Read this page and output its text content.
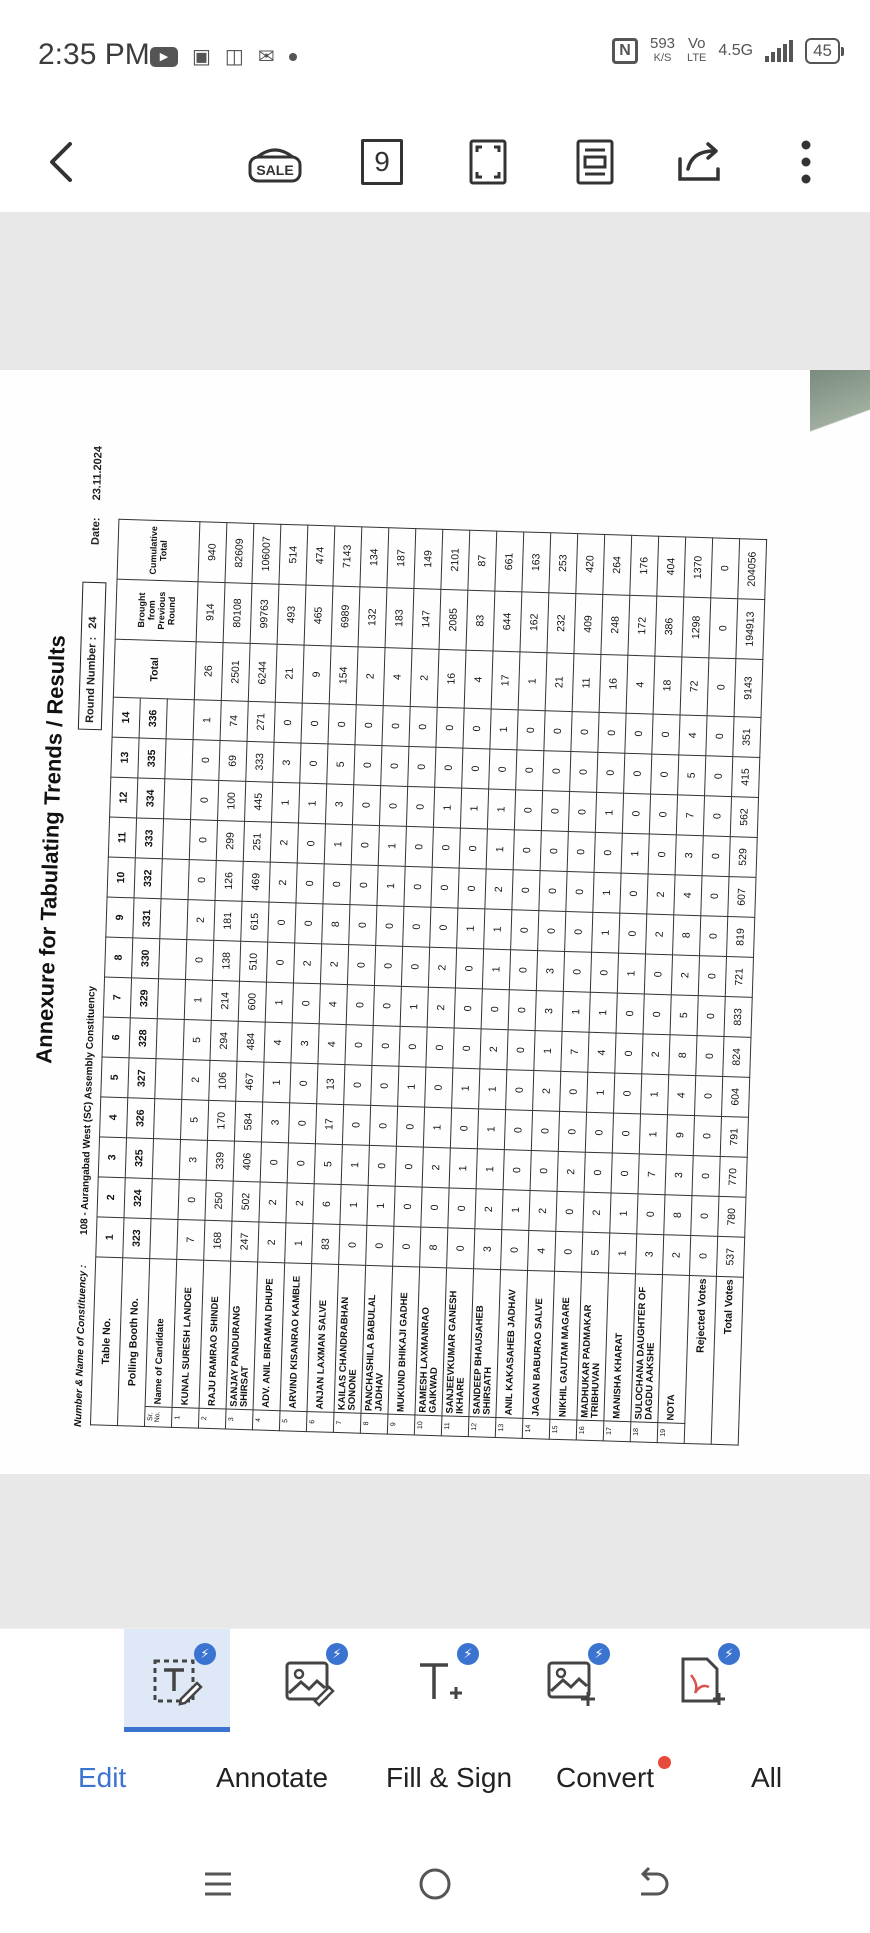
2:35 PM ▶	▣ ◫ ✉	N	593
K/S
Vo
LTE 4.5G	45
SALE	9
Annexure for Tabulating Trends / Results
Number & Name of Constituency :
108 - Aurangabad West (SC) Assembly Constituency
Round Number :
24
Date: 23.11.2024
Table No.		1	2	3	4	5	6	7	8	9	10	11	12	13	14	Total	Brought from Previous Round	Cumulative Total
Polling Booth No.		323	324	325	326	327	328	329	330	331	332	333	334	335	336			
Sr. No.	Name of Candidate																	
1	KUNAL SURESH LANDGE	7	0	3	5	2	5	1	0	2	0	0	0	0	1	26	914	940
2	RAJU RAMRAO SHINDE	168	250	339	170	106	294	214	138	181	126	299	100	69	74	2501	80108	82609
3	SANJAY PANDURANG SHIRSAT	247	502	406	584	467	484	600	510	615	469	251	445	333	271	6244	99763	106007
4	ADV. ANIL BIRAMAN DHUPE	2	2	0	3	1	4	1	0	0	2	2	1	3	0	21	493	514
5	ARVIND KISANRAO KAMBLE	1	2	0	0	0	3	0	2	0	0	0	1	0	0	9	465	474
6	ANJAN LAXMAN SALVE	83	6	5	17	13	4	4	2	8	0	1	3	5	0	154	6989	7143
7	KAILAS CHANDRABHAN SONONE	0	1	1	0	0	0	0	0	0	0	0	0	0	0	2	132	134
8	PANCHASHILA BABULAL JADHAV	0	1	0	0	0	0	0	0	0	1	1	0	0	0	4	183	187
9	MUKUND BHIKAJI GADHE	0	0	0	0	1	0	1	0	0	0	0	0	0	0	2	147	149
10	RAMESH LAXMANRAO GAIKWAD	8	0	2	1	0	0	2	2	0	0	0	1	0	0	16	2085	2101
11	SANJEEVKUMAR GANESH IKHARE	0	0	1	0	1	0	0	0	1	0	0	1	0	0	4	83	87
12	SANDEEP BHAUSAHEB SHIRSATH	3	2	1	1	1	2	0	1	1	2	1	1	0	1	17	644	661
13	ANIL KAKASAHEB JADHAV	0	1	0	0	0	0	0	0	0	0	0	0	0	0	1	162	163
14	JAGAN BABURAO SALVE	4	2	0	0	2	1	3	3	0	0	0	0	0	0	21	232	253
15	NIKHIL GAUTAM MAGARE	0	0	2	0	0	7	1	0	0	0	0	0	0	0	11	409	420
16	MADHUKAR PADMAKAR TRIBHUVAN	5	2	0	0	1	4	1	0	1	1	0	1	0	0	16	248	264
17	MANISHA KHARAT	1	1	0	0	0	0	0	1	0	0	1	0	0	0	4	172	176
18	SULOCHANA DAUGHTER OF DAGDU AAKSHE	3	0	7	1	1	2	0	0	2	2	0	0	0	0	18	386	404
19	NOTA	2	8	3	9	4	8	5	2	8	4	3	7	5	4	72	1298	1370
Rejected Votes		0	0	0	0	0	0	0	0	0	0	0	0	0	0	0	0	0
Total Votes		537	780	770	791	604	824	833	721	819	607	529	562	415	351	9143	194913	204056
⚡	⚡	⚡	⚡	⚡
Edit	Annotate Fill & Sign Convert	All
